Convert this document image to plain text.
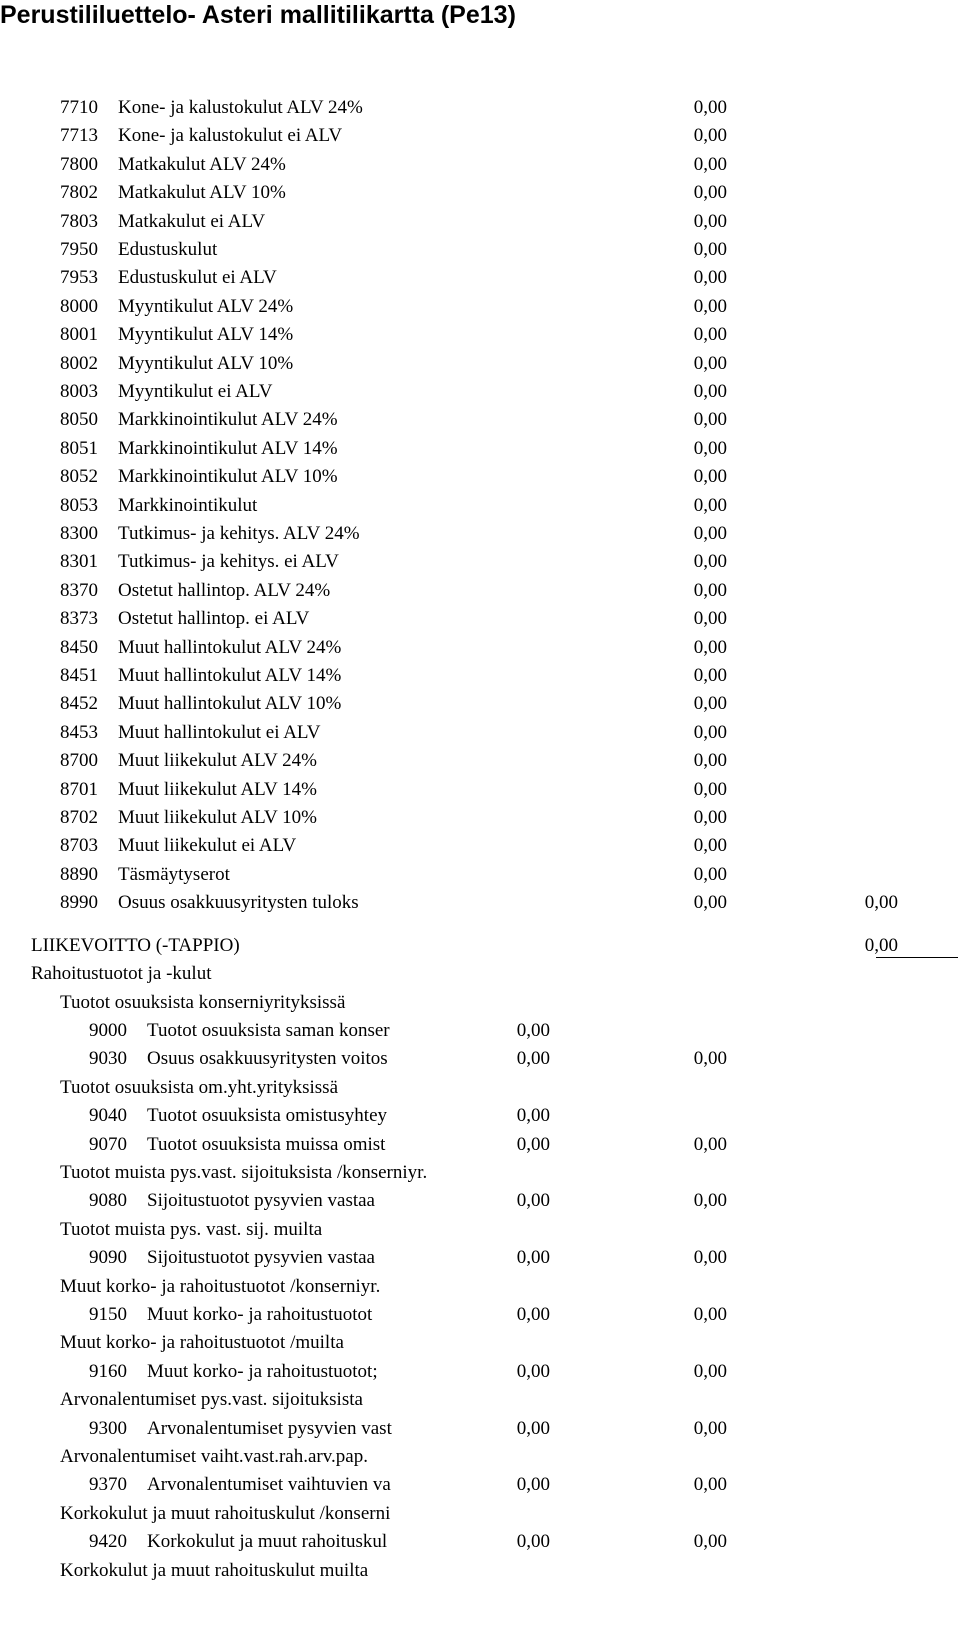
Perustililuettelo- Asteri mallitilikartta (Pe13)
7710 Kone- ja kalustokulut ALV 24%	0,00
7713 Kone- ja kalustokulut ei ALV	0,00
7800 Matkakulut ALV 24%	0,00
7802 Matkakulut ALV 10%	0,00
7803 Matkakulut ei ALV	0,00
7950 Edustuskulut	0,00
7953 Edustuskulut ei ALV	0,00
8000 Myyntikulut ALV 24%	0,00
8001 Myyntikulut ALV 14%	0,00
8002 Myyntikulut ALV 10%	0,00
8003 Myyntikulut ei ALV	0,00
8050 Markkinointikulut ALV 24%	0,00
8051 Markkinointikulut ALV 14%	0,00
8052 Markkinointikulut ALV 10%	0,00
8053 Markkinointikulut	0,00
8300 Tutkimus- ja kehitys. ALV 24%	0,00
8301 Tutkimus- ja kehitys. ei ALV	0,00
8370 Ostetut hallintop. ALV 24%	0,00
8373 Ostetut hallintop. ei ALV	0,00
8450 Muut hallintokulut ALV 24%	0,00
8451 Muut hallintokulut ALV 14%	0,00
8452 Muut hallintokulut ALV 10%	0,00
8453 Muut hallintokulut ei ALV	0,00
8700 Muut liikekulut ALV 24%	0,00
8701 Muut liikekulut ALV 14%	0,00
8702 Muut liikekulut ALV 10%	0,00
8703 Muut liikekulut ei ALV	0,00
8890 Täsmäytyserot	0,00
8990 Osuus osakkuusyritysten tuloks	0,00	0,00
LIIKEVOITTO (-TAPPIO)	0,00
Rahoitustuotot ja -kulut
Tuotot osuuksista konserniyrityksissä
9000 Tuotot osuuksista saman konser	0,00
9030 Osuus osakkuusyritysten voitos	0,00	0,00
Tuotot osuuksista om.yht.yrityksissä
9040 Tuotot osuuksista omistusyhtey	0,00
9070 Tuotot osuuksista muissa omist	0,00	0,00
Tuotot muista pys.vast. sijoituksista /konserniyr.
9080 Sijoitustuotot pysyvien vastaa	0,00	0,00
Tuotot muista pys. vast. sij. muilta
9090 Sijoitustuotot pysyvien vastaa	0,00	0,00
Muut korko- ja rahoitustuotot /konserniyr.
9150 Muut korko- ja rahoitustuotot	0,00	0,00
Muut korko- ja rahoitustuotot /muilta
9160 Muut korko- ja rahoitustuotot;	0,00	0,00
Arvonalentumiset pys.vast. sijoituksista
9300 Arvonalentumiset pysyvien vast	0,00	0,00
Arvonalentumiset vaiht.vast.rah.arv.pap.
9370 Arvonalentumiset vaihtuvien va	0,00	0,00
Korkokulut ja muut rahoituskulut /konserni
9420 Korkokulut ja muut rahoituskul	0,00	0,00
Korkokulut ja muut rahoituskulut muilta
